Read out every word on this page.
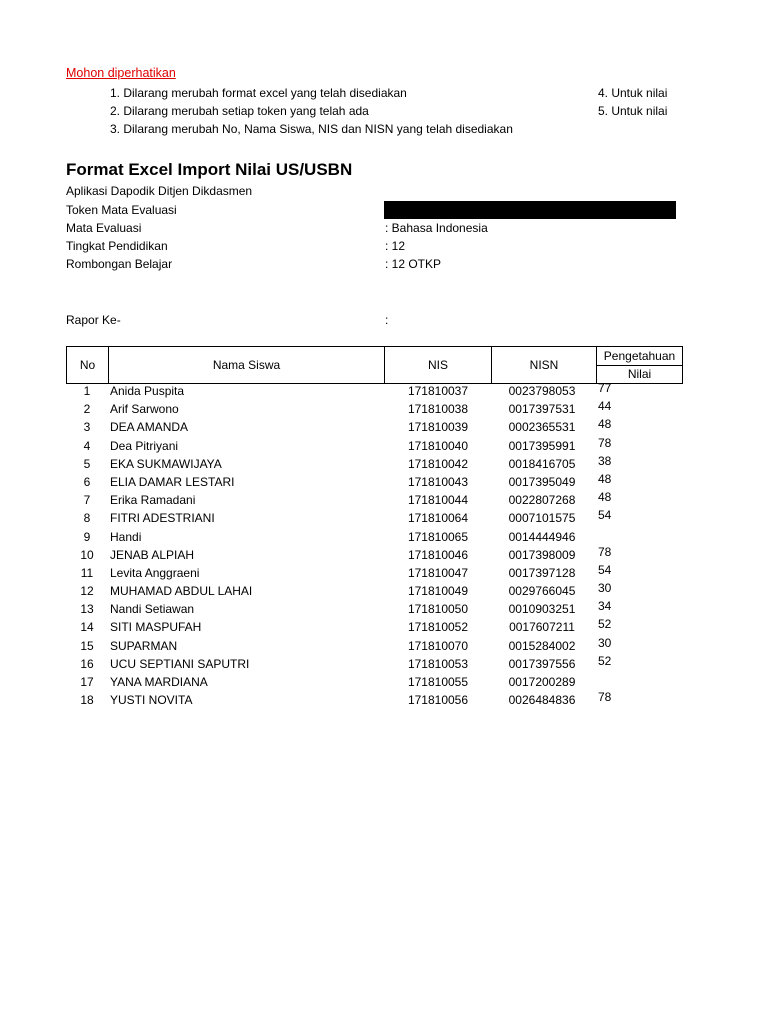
Mohon diperhatikan
1. Dilarang merubah format excel yang telah disediakan
2. Dilarang merubah setiap token yang telah ada
3. Dilarang merubah No, Nama Siswa, NIS dan NISN yang telah disediakan
4. Untuk nilai
5. Untuk nilai
Format Excel Import Nilai US/USBN
Aplikasi Dapodik Ditjen Dikdasmen
Token Mata Evaluasi
Mata Evaluasi	: Bahasa Indonesia
Tingkat Pendidikan	: 12
Rombongan Belajar	: 12 OTKP
Rapor Ke-	:
No	Nama Siswa	NIS	NISN	Pengetahuan
Nilai
1	Anida Puspita	171810037	0023798053	77
2	Arif Sarwono	171810038	0017397531	44
3	DEA AMANDA	171810039	0002365531	48
4	Dea Pitriyani	171810040	0017395991	78
5	EKA SUKMAWIJAYA	171810042	0018416705	38
6	ELIA DAMAR LESTARI	171810043	0017395049	48
7	Erika Ramadani	171810044	0022807268	48
8	FITRI ADESTRIANI	171810064	0007101575	54
9	Handi	171810065	0014444946
10	JENAB ALPIAH	171810046	0017398009	78
11	Levita Anggraeni	171810047	0017397128	54
12	MUHAMAD ABDUL LAHAI	171810049	0029766045	30
13	Nandi Setiawan	171810050	0010903251	34
14	SITI MASPUFAH	171810052	0017607211	52
15	SUPARMAN	171810070	0015284002	30
16	UCU SEPTIANI SAPUTRI	171810053	0017397556	52
17	YANA MARDIANA	171810055	0017200289
18	YUSTI NOVITA	171810056	0026484836	78
